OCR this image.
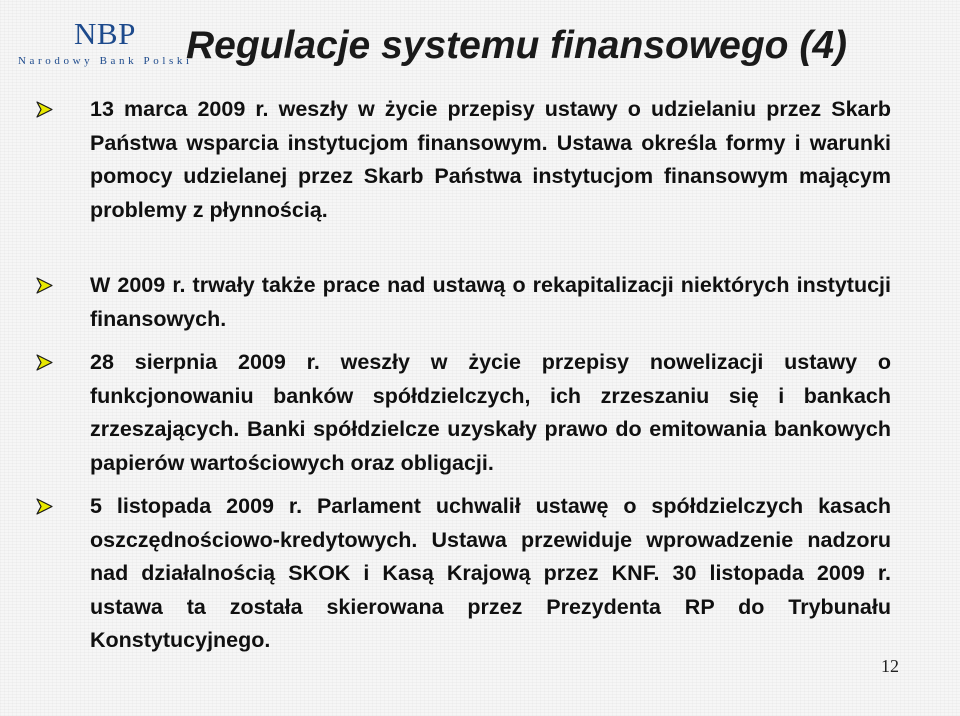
NBP
Narodowy Bank Polski
Regulacje systemu finansowego (4)
13 marca 2009 r. weszły w życie przepisy ustawy o udzielaniu przez Skarb Państwa wsparcia instytucjom finansowym. Ustawa określa formy i warunki pomocy udzielanej przez Skarb Państwa instytucjom finansowym mającym problemy z płynnością.
W 2009 r. trwały także prace nad ustawą o rekapitalizacji niektórych instytucji finansowych.
28 sierpnia 2009 r. weszły w życie przepisy nowelizacji ustawy o funkcjonowaniu banków spółdzielczych, ich zrzeszaniu się i bankach zrzeszających. Banki spółdzielcze uzyskały prawo do emitowania bankowych papierów wartościowych oraz obligacji.
5 listopada 2009 r. Parlament uchwalił ustawę o spółdzielczych kasach oszczędnościowo-kredytowych. Ustawa przewiduje wprowadzenie nadzoru nad działalnością SKOK i Kasą Krajową przez KNF. 30 listopada 2009 r. ustawa ta została skierowana przez Prezydenta RP do Trybunału Konstytucyjnego.
12
